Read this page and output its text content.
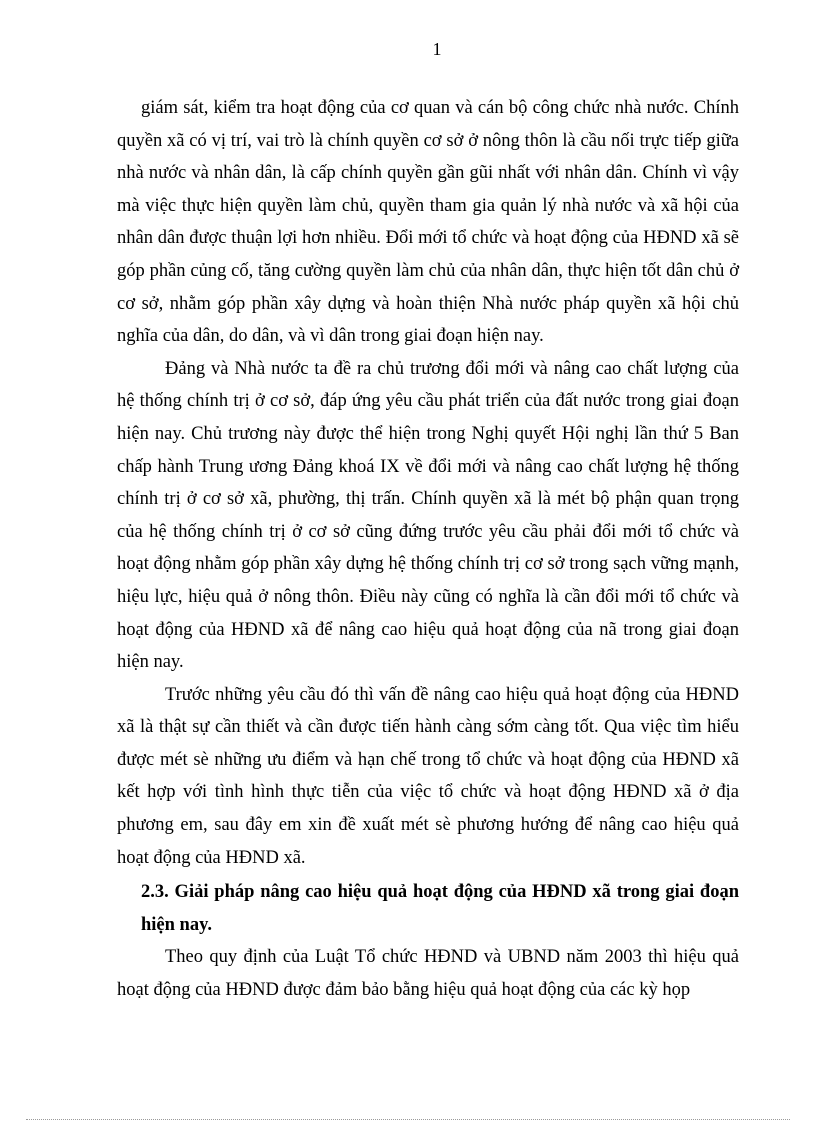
1

giám sát, kiểm tra hoạt động của cơ quan và cán bộ công chức nhà nước. Chính quyền xã có vị trí, vai trò là chính quyền cơ sở ở nông thôn là cầu nối trực tiếp giữa nhà nước và nhân dân, là cấp chính quyền gần gũi nhất với nhân dân. Chính vì vậy mà việc thực hiện quyền làm chủ, quyền tham gia quản lý nhà nước và xã hội của nhân dân được thuận lợi hơn nhiều. Đổi mới tổ chức và hoạt động của HĐND xã sẽ góp phần củng cố, tăng cường quyền làm chủ của nhân dân, thực hiện tốt dân chủ ở cơ sở, nhằm góp phần xây dựng và hoàn thiện Nhà nước pháp quyền xã hội chủ nghĩa của dân, do dân, và vì dân trong giai đoạn hiện nay.

Đảng và Nhà nước ta đề ra chủ trương đổi mới và nâng cao chất lượng của hệ thống chính trị ở cơ sở, đáp ứng yêu cầu phát triển của đất nước trong giai đoạn hiện nay. Chủ trương này được thể hiện trong Nghị quyết Hội nghị lần thứ 5 Ban chấp hành Trung ương Đảng khoá IX về đổi mới và nâng cao chất lượng hệ thống chính trị ở cơ sở xã, phường, thị trấn. Chính quyền xã là mét bộ phận quan trọng của hệ thống chính trị ở cơ sở cũng đứng trước yêu cầu phải đổi mới tổ chức và hoạt động nhằm góp phần xây dựng hệ thống chính trị cơ sở trong sạch vững mạnh, hiệu lực, hiệu quả ở nông thôn. Điều này cũng có nghĩa là cần đổi mới tổ chức và hoạt động của HĐND xã để nâng cao hiệu quả hoạt động của nã trong giai đoạn hiện nay.

Trước những yêu cầu đó thì vấn đề nâng cao hiệu quả hoạt động của HĐND xã là thật sự cần thiết và cần được tiến hành càng sớm càng tốt. Qua việc tìm hiểu được mét sè những ưu điểm và hạn chế trong tổ chức và hoạt động của HĐND xã kết hợp với tình hình thực tiễn của việc tổ chức và hoạt động HĐND xã ở địa phương em, sau đây em xin đề xuất mét sè phương hướng để nâng cao hiệu quả hoạt động của HĐND xã.

2.3. Giải pháp nâng cao hiệu quả hoạt động của HĐND xã trong giai đoạn hiện nay.

Theo quy định của Luật Tổ chức HĐND và UBND năm 2003 thì hiệu quả hoạt động của HĐND được đảm bảo bằng hiệu quả hoạt động của các kỳ họp
